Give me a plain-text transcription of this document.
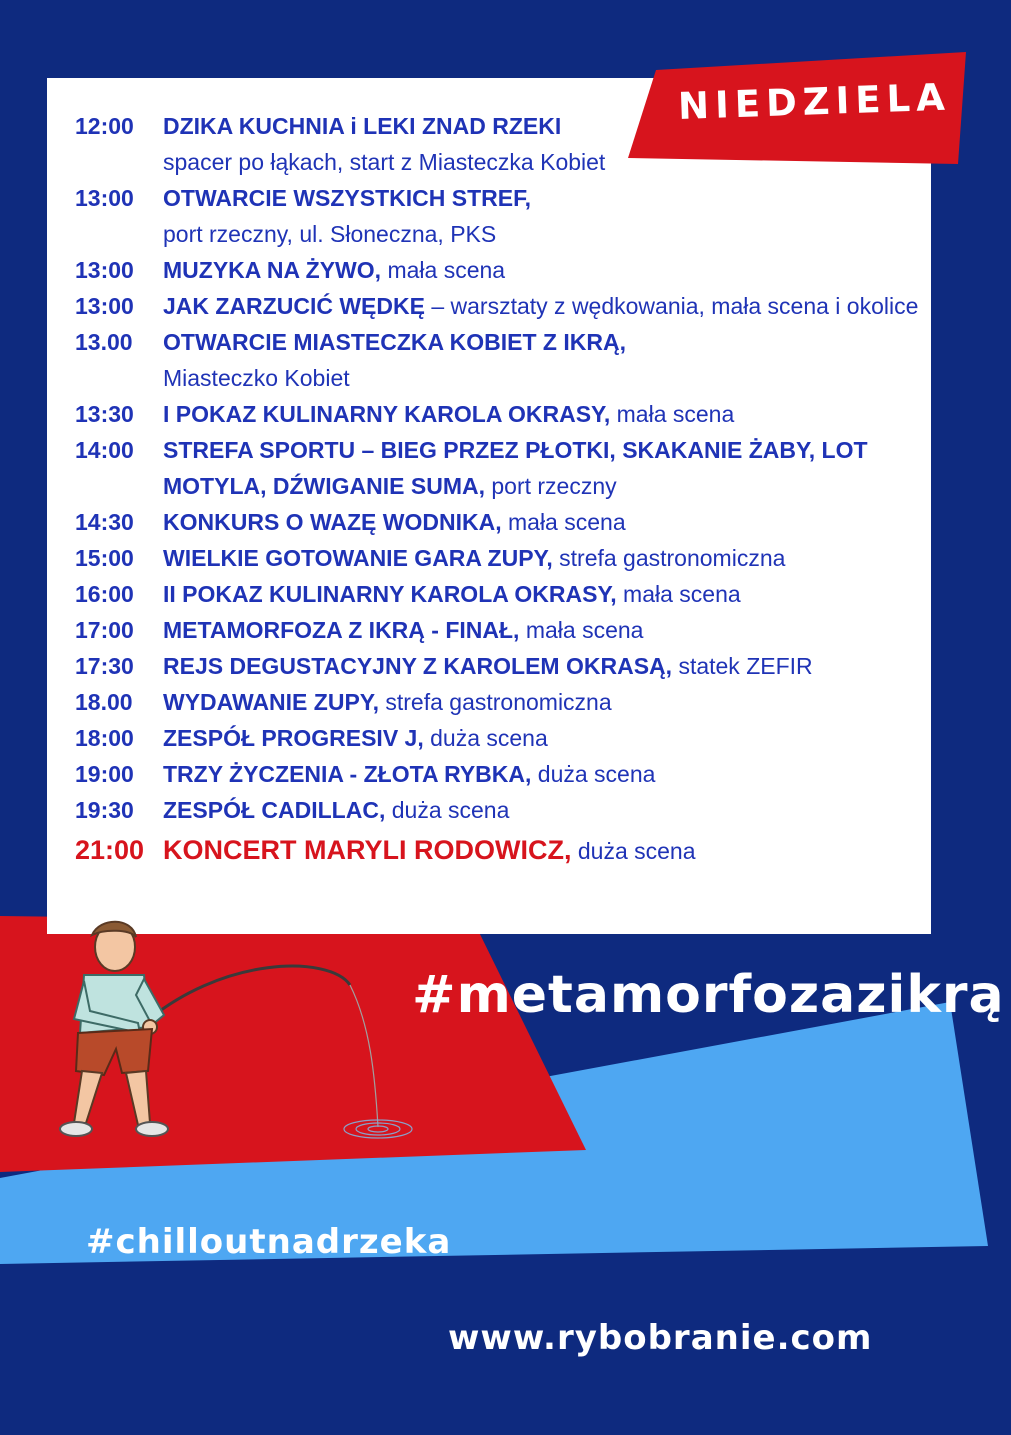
NIEDZIELA
12:00	DZIKA KUCHNIA i LEKI ZNAD RZEKI
spacer po łąkach, start z Miasteczka Kobiet
13:00	OTWARCIE WSZYSTKICH STREF,
port rzeczny, ul. Słoneczna, PKS
13:00	MUZYKA NA ŻYWO, mała scena
13:00	JAK ZARZUCIĆ WĘDKĘ – warsztaty z wędkowania, mała scena i okolice
13.00	OTWARCIE MIASTECZKA KOBIET Z IKRĄ,
Miasteczko Kobiet
13:30	I POKAZ KULINARNY KAROLA OKRASY, mała scena
14:00	STREFA SPORTU – BIEG PRZEZ PŁOTKI, SKAKANIE ŻABY, LOT MOTYLA, DŹWIGANIE SUMA, port rzeczny
14:30	KONKURS O WAZĘ WODNIKA, mała scena
15:00	WIELKIE GOTOWANIE GARA ZUPY, strefa gastronomiczna
16:00	II POKAZ KULINARNY KAROLA OKRASY, mała scena
17:00	METAMORFOZA Z IKRĄ - FINAŁ, mała scena
17:30	REJS DEGUSTACYJNY Z KAROLEM OKRASĄ, statek ZEFIR
18.00	WYDAWANIE ZUPY, strefa gastronomiczna
18:00	ZESPÓŁ PROGRESIV J, duża scena
19:00	TRZY ŻYCZENIA - ZŁOTA RYBKA, duża scena
19:30	ZESPÓŁ CADILLAC, duża scena
21:00 KONCERT MARYLI RODOWICZ, duża scena
#metamorfozazikrą
#chilloutnadrzeka
www.rybobranie.com
